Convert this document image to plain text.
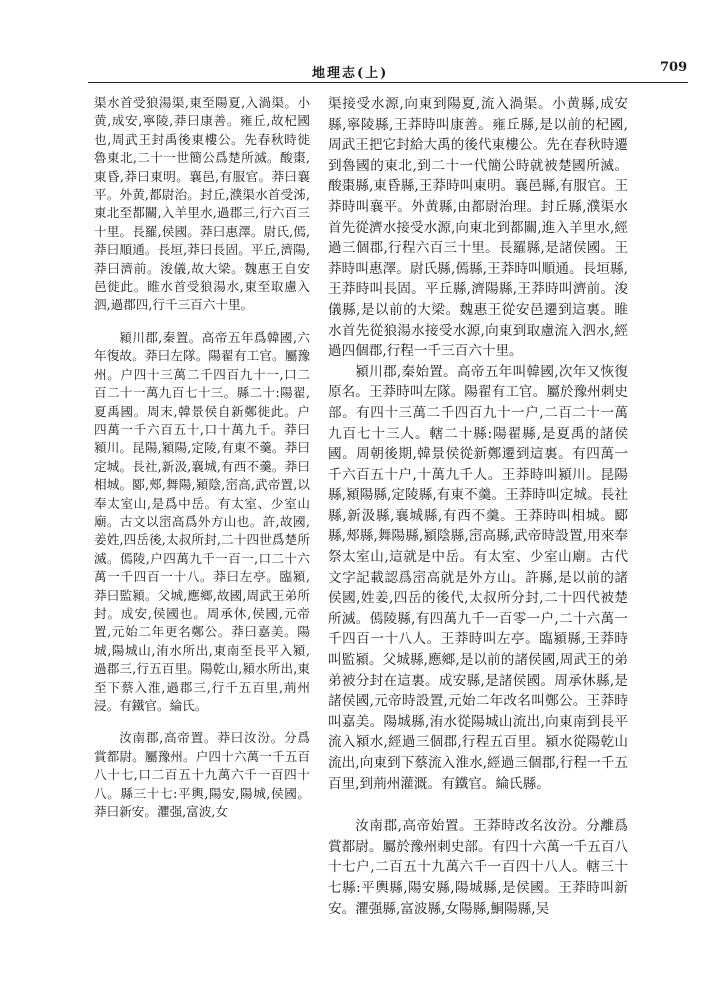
地理志(上)	709

渠水首受狼湯渠,東至陽夏,入渦渠。小黄,成安,寧陵,莽曰康善。雍丘,故杞國也,周武王封禹後東樓公。先春秋時徙魯東北,二十一世簡公爲楚所滅。酸棗,東昏,莽曰東明。襄邑,有服官。莽曰襄平。外黄,都尉治。封丘,濮渠水首受泲,東北至都關,入羊里水,過郡三,行六百三十里。長羅,侯國。莽曰惠澤。尉氏,傿,莽曰順通。長垣,莽曰長固。平丘,濟陽,莽曰濟前。浚儀,故大梁。魏惠王自安邑徙此。睢水首受狼湯水,東至取慮入泗,過郡四,行千三百六十里。

潁川郡,秦置。高帝五年爲韓國,六年復故。莽曰左隊。陽翟有工官。屬豫州。户四十三萬二千四百九十一,口二百二十一萬九百七十三。縣二十:陽翟,夏禹國。周末,韓景侯自新鄭徙此。户四萬一千六百五十,口十萬九千。莽曰潁川。昆陽,潁陽,定陵,有東不羹。莽曰定城。長社,新汲,襄城,有西不羹。莽曰相城。郾,郟,舞陽,潁陰,崈高,武帝置,以奉太室山,是爲中岳。有太室、少室山廟。古文以崈高爲外方山也。許,故國,姜姓,四岳後,太叔所封,二十四世爲楚所滅。傿陵,户四萬九千一百一,口二十六萬一千四百一十八。莽曰左亭。臨潁,莽曰監潁。父城,應鄉,故國,周武王弟所封。成安,侯國也。周承休,侯國,元帝置,元始二年更名鄭公。莽曰嘉美。陽城,陽城山,洧水所出,東南至長平入潁,過郡三,行五百里。陽乾山,潁水所出,東至下蔡入淮,過郡三,行千五百里,荊州浸。有鐵官。綸氏。

汝南郡,高帝置。莽曰汝汾。分爲賞都尉。屬豫州。户四十六萬一千五百八十七,口二百五十九萬六千一百四十八。縣三十七:平輿,陽安,陽城,侯國。莽曰新安。灈强,富波,女

渠接受水源,向東到陽夏,流入渦渠。小黄縣,成安縣,寧陵縣,王莽時叫康善。雍丘縣,是以前的杞國,周武王把它封給大禹的後代東樓公。先在春秋時遷到魯國的東北,到二十一代簡公時就被楚國所滅。酸棗縣,東昏縣,王莽時叫東明。襄邑縣,有服官。王莽時叫襄平。外黄縣,由都尉治理。封丘縣,濮渠水首先從濟水接受水源,向東北到都關,進入羊里水,經過三個郡,行程六百三十里。長羅縣,是諸侯國。王莽時叫惠澤。尉氏縣,傿縣,王莽時叫順通。長垣縣,王莽時叫長固。平丘縣,濟陽縣,王莽時叫濟前。浚儀縣,是以前的大梁。魏惠王從安邑遷到這裏。睢水首先從狼湯水接受水源,向東到取慮流入泗水,經過四個郡,行程一千三百六十里。

潁川郡,秦始置。高帝五年叫韓國,次年又恢復原名。王莽時叫左隊。陽翟有工官。屬於豫州刺史部。有四十三萬二千四百九十一户,二百二十一萬九百七十三人。轄二十縣:陽翟縣,是夏禹的諸侯國。周朝後期,韓景侯從新鄭遷到這裏。有四萬一千六百五十户,十萬九千人。王莽時叫潁川。昆陽縣,潁陽縣,定陵縣,有東不羹。王莽時叫定城。長社縣,新汲縣,襄城縣,有西不羹。王莽時叫相城。郾縣,郟縣,舞陽縣,潁陰縣,崈高縣,武帝時設置,用來奉祭太室山,這就是中岳。有太室、少室山廟。古代文字記載認爲崈高就是外方山。許縣,是以前的諸侯國,姓姜,四岳的後代,太叔所分封,二十四代被楚所滅。傿陵縣,有四萬九千一百零一户,二十六萬一千四百一十八人。王莽時叫左亭。臨潁縣,王莽時叫監潁。父城縣,應鄉,是以前的諸侯國,周武王的弟弟被分封在這裏。成安縣,是諸侯國。周承休縣,是諸侯國,元帝時設置,元始二年改名叫鄭公。王莽時叫嘉美。陽城縣,洧水從陽城山流出,向東南到長平流入潁水,經過三個郡,行程五百里。潁水從陽乾山流出,向東到下蔡流入淮水,經過三個郡,行程一千五百里,到荊州灌溉。有鐵官。綸氏縣。

汝南郡,高帝始置。王莽時改名汝汾。分離爲賞都尉。屬於豫州刺史部。有四十六萬一千五百八十七户,二百五十九萬六千一百四十八人。轄三十七縣:平輿縣,陽安縣,陽城縣,是侯國。王莽時叫新安。灈强縣,富波縣,女陽縣,鮦陽縣,吴
